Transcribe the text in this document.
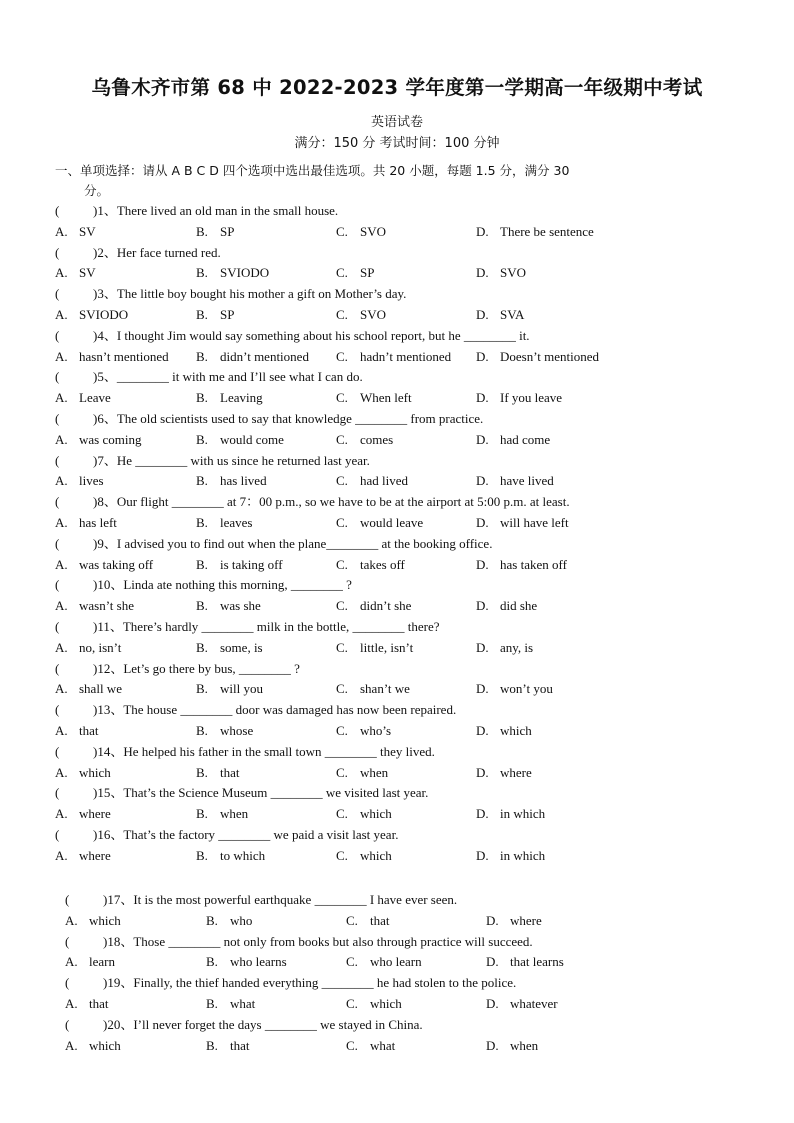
乌鲁木齐市第 68 中 2022-2023 学年度第一学期高一年级期中考试
英语试卷
满分：150 分 考试时间：100 分钟
一、单项选择：请从 A B C D 四个选项中选出最佳选项。共 20 小题，每题 1.5 分，满分 30
分。
(	)1、There lived an old man in the small house.
A. SV	B. SP	C. SVO	D. There be sentence
(	)2、Her face turned red.
A. SV	B. SVIODO	C. SP	D. SVO
(	)3、The little boy bought his mother a gift on Mother’s day.
A. SVIODO	B. SP	C. SVO	D. SVA
(	)4、I thought Jim would say something about his school report, but he ________ it.
A. hasn’t mentioned B. didn’t mentioned C. hadn’t mentioned D. Doesn’t mentioned
(	)5、________ it with me and I’ll see what I can do.
A. Leave	B. Leaving	C. When left	D. If you leave
(	)6、The old scientists used to say that knowledge ________ from practice.
A. was coming	B. would come	C. comes	D. had come
(	)7、He ________ with us since he returned last year.
A. lives	B. has lived	C. had lived	D. have lived
(	)8、Our flight ________ at 7：00 p.m., so we have to be at the airport at 5:00 p.m. at least.
A. has left	B. leaves	C. would leave	D. will have left
(	)9、I advised you to find out when the plane________ at the booking office.
A. was taking off	B. is taking off	C. takes off	D. has taken off
(	)10、Linda ate nothing this morning, ________ ?
A. wasn’t she	B. was she	C. didn’t she	D. did she
(	)11、There’s hardly ________ milk in the bottle, ________ there?
A. no, isn’t	B. some, is	C. little, isn’t	D. any, is
(	)12、Let’s go there by bus, ________ ?
A. shall we	B. will you	C. shan’t we	D. won’t you
(	)13、The house ________ door was damaged has now been repaired.
A. that	B. whose	C. who’s	D. which
(	)14、He helped his father in the small town ________ they lived.
A. which	B. that	C. when	D. where
(	)15、That’s the Science Museum ________ we visited last year.
A. where	B. when	C. which	D. in which
(	)16、That’s the factory ________ we paid a visit last year.
A. where	B. to which	C. which	D. in which
(	)17、It is the most powerful earthquake ________ I have ever seen.
A. which	B. who	C. that	D. where
(	)18、Those ________ not only from books but also through practice will succeed.
A. learn	B. who learns	C. who learn	D. that learns
(	)19、Finally, the thief handed everything ________ he had stolen to the police.
A. that	B. what	C. which	D. whatever
(	)20、I’ll never forget the days ________ we stayed in China.
A. which	B. that	C. what	D. when
